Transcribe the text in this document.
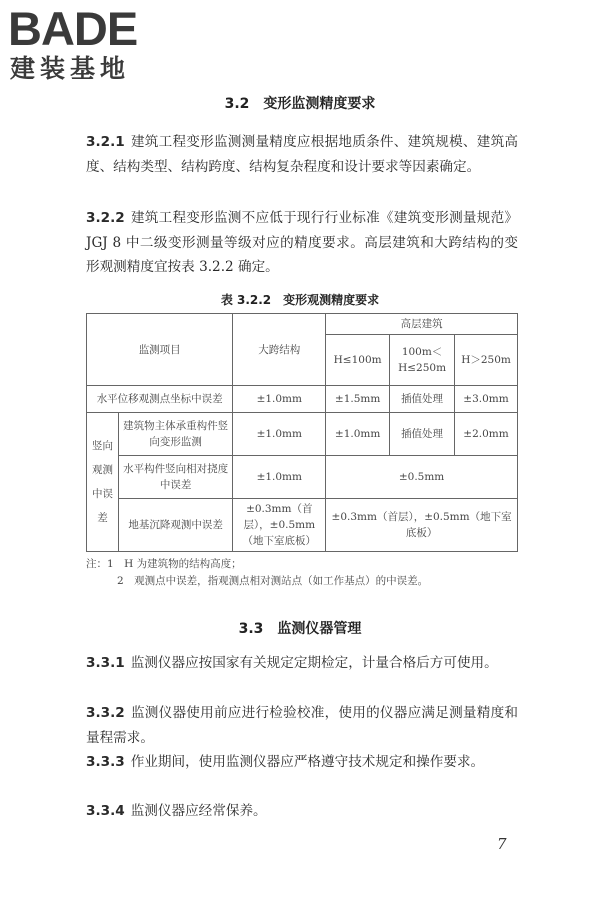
BADE
建装基地
3.2　变形监测精度要求
3.2.1 建筑工程变形监测测量精度应根据地质条件、建筑规模、建筑高度、结构类型、结构跨度、结构复杂程度和设计要求等因素确定。
3.2.2 建筑工程变形监测不应低于现行行业标准《建筑变形测量规范》JGJ 8 中二级变形测量等级对应的精度要求。高层建筑和大跨结构的变形观测精度宜按表 3.2.2 确定。
表 3.2.2　变形观测精度要求
监测项目		大跨结构	高层建筑		
			H≤100m	100m＜H≤250m	H＞250m
水平位移观测点坐标中误差		±1.0mm	±1.5mm	插值处理	±3.0mm
竖向观测中误差	建筑物主体承重构件竖向变形监测	±1.0mm	±1.0mm	插值处理	±2.0mm
	水平构件竖向相对挠度中误差	±1.0mm	±0.5mm		
	地基沉降观测中误差	±0.3mm（首层），±0.5mm（地下室底板）	±0.3mm（首层），±0.5mm（地下室底板）		
注：1　H 为建筑物的结构高度；
2　观测点中误差，指观测点相对测站点（如工作基点）的中误差。
3.3　监测仪器管理
3.3.1 监测仪器应按国家有关规定定期检定，计量合格后方可使用。
3.3.2 监测仪器使用前应进行检验校准，使用的仪器应满足测量精度和量程需求。
3.3.3 作业期间，使用监测仪器应严格遵守技术规定和操作要求。
3.3.4 监测仪器应经常保养。
7
